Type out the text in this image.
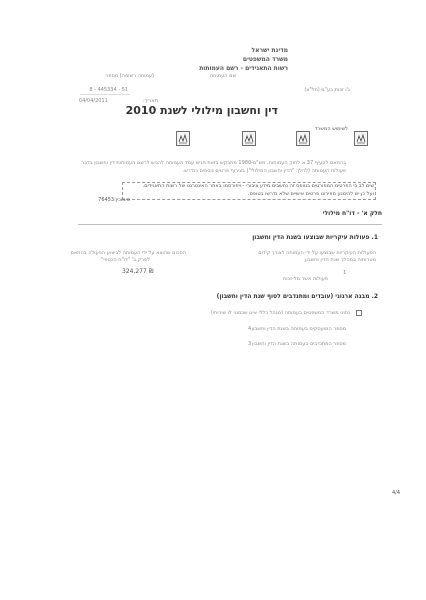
מדינת ישראל
משרד המשפטים
רשות התאגידים - רשם העמותות
(עמותה רשומה) מספר	שם העמותה
51 - 445334 - 8	ג'ו זכות בע"מ (חל"צ)
תאריך:
04/04/2011
דין וחשבון מילולי לשנת 2010
לשימוש המשרד
בהתאם לסעיף 37 א לחוק העמותות, תש"ם-1980 מתבקש בזאת תגיש עמד העמותה להגיש לרשם העמותות דין וחשבון בדבר
פעולות העמותה (להלן: "הדין וחשבון המילולי") בצירוף פרטים נוספים כנדרש.
שים לב כי הפרטים המפורטים בטופס זה נחשבים מידע ציבורי - ויפורסמו באתר האינטרנט של רשות התאגידים.
ועל כן יש להימנע מפירוט פרטים אישיים שלא נדרשו בטופס.
סימוכין:76453
חלק א' - דו"ח מילולי
1. פעולות עיקריות שבוצעו בשנת הדין וחשבון
הפעולות העיקריות שבוצעו על ידי העמותה לצורך קידום
מטרותיה במהלך שנת הדין וחשבון
הסכום שהוצא על ידי העמותה לביצוע הפעולה בהתאם
לפרק ב' "דו"ח הכספי"
1
פעולות אשר מל-זכות
324,277 ₪
2. מבנה ארגוני (עובדים ומתנדבים לסוף שנת הדין וחשבון)
נתוני משרד המשפטים בעמותה (מנהל כללי אינו שכמוני לו שירותי)
מספר המועסקים בעמותה בשנת הדין וחשבון
4
מספר המתנדבים בעמותה בשנת הדין וחשבון
3
4/4
